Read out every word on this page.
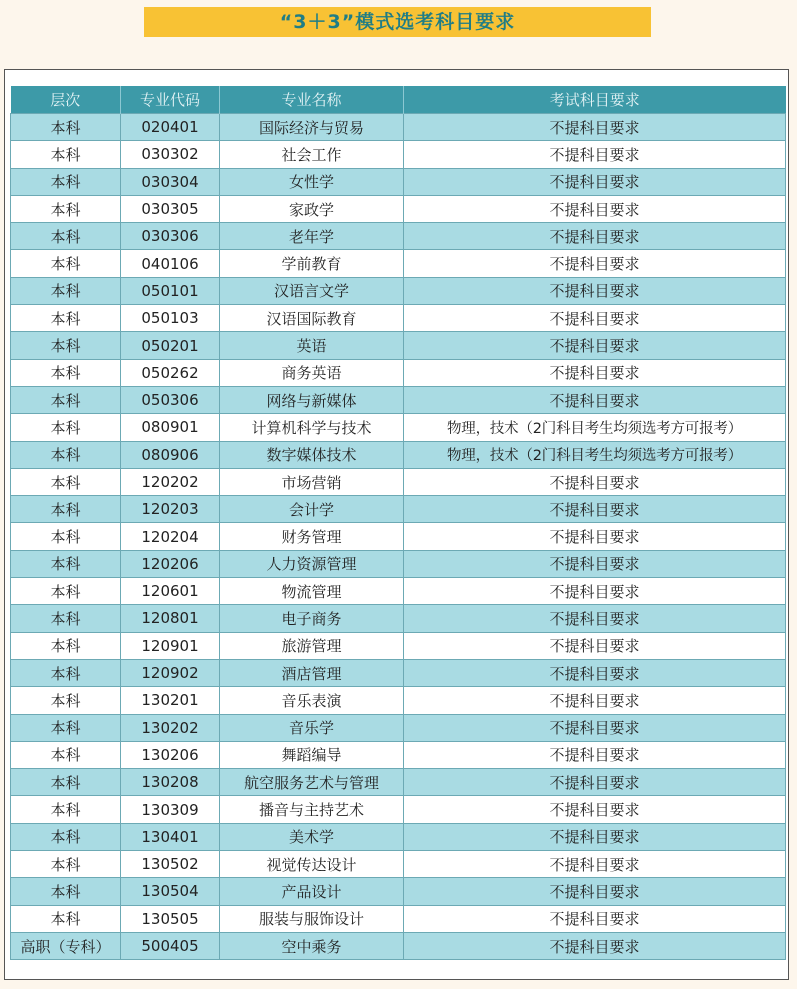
“3＋3”模式选考科目要求
层次	专业代码	专业名称	考试科目要求
本科	020401	国际经济与贸易	不提科目要求
本科	030302	社会工作	不提科目要求
本科	030304	女性学	不提科目要求
本科	030305	家政学	不提科目要求
本科	030306	老年学	不提科目要求
本科	040106	学前教育	不提科目要求
本科	050101	汉语言文学	不提科目要求
本科	050103	汉语国际教育	不提科目要求
本科	050201	英语	不提科目要求
本科	050262	商务英语	不提科目要求
本科	050306	网络与新媒体	不提科目要求
本科	080901	计算机科学与技术	物理，技术（2门科目考生均须选考方可报考）
本科	080906	数字媒体技术	物理，技术（2门科目考生均须选考方可报考）
本科	120202	市场营销	不提科目要求
本科	120203	会计学	不提科目要求
本科	120204	财务管理	不提科目要求
本科	120206	人力资源管理	不提科目要求
本科	120601	物流管理	不提科目要求
本科	120801	电子商务	不提科目要求
本科	120901	旅游管理	不提科目要求
本科	120902	酒店管理	不提科目要求
本科	130201	音乐表演	不提科目要求
本科	130202	音乐学	不提科目要求
本科	130206	舞蹈编导	不提科目要求
本科	130208	航空服务艺术与管理	不提科目要求
本科	130309	播音与主持艺术	不提科目要求
本科	130401	美术学	不提科目要求
本科	130502	视觉传达设计	不提科目要求
本科	130504	产品设计	不提科目要求
本科	130505	服装与服饰设计	不提科目要求
高职（专科）	500405	空中乘务	不提科目要求
